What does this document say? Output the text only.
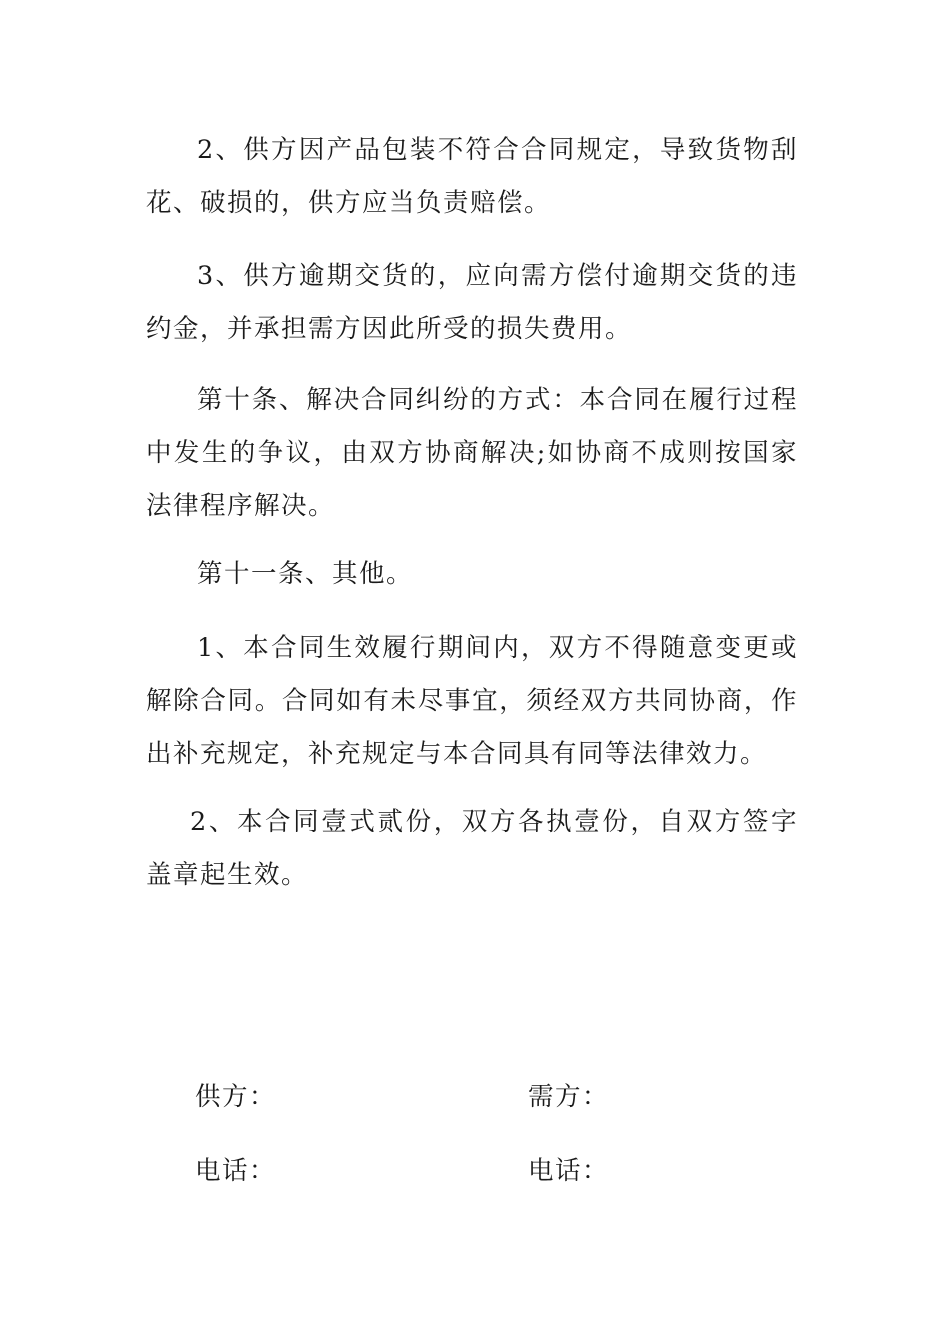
2、供方因产品包装不符合合同规定，导致货物刮花、破损的，供方应当负责赔偿。

3、供方逾期交货的，应向需方偿付逾期交货的违约金，并承担需方因此所受的损失费用。

第十条、解决合同纠纷的方式：本合同在履行过程中发生的争议，由双方协商解决;如协商不成则按国家法律程序解决。

第十一条、其他。

1、本合同生效履行期间内，双方不得随意变更或解除合同。合同如有未尽事宜，须经双方共同协商，作出补充规定，补充规定与本合同具有同等法律效力。

2、本合同壹式贰份，双方各执壹份，自双方签字盖章起生效。

供方：	需方：
电话：	电话：
